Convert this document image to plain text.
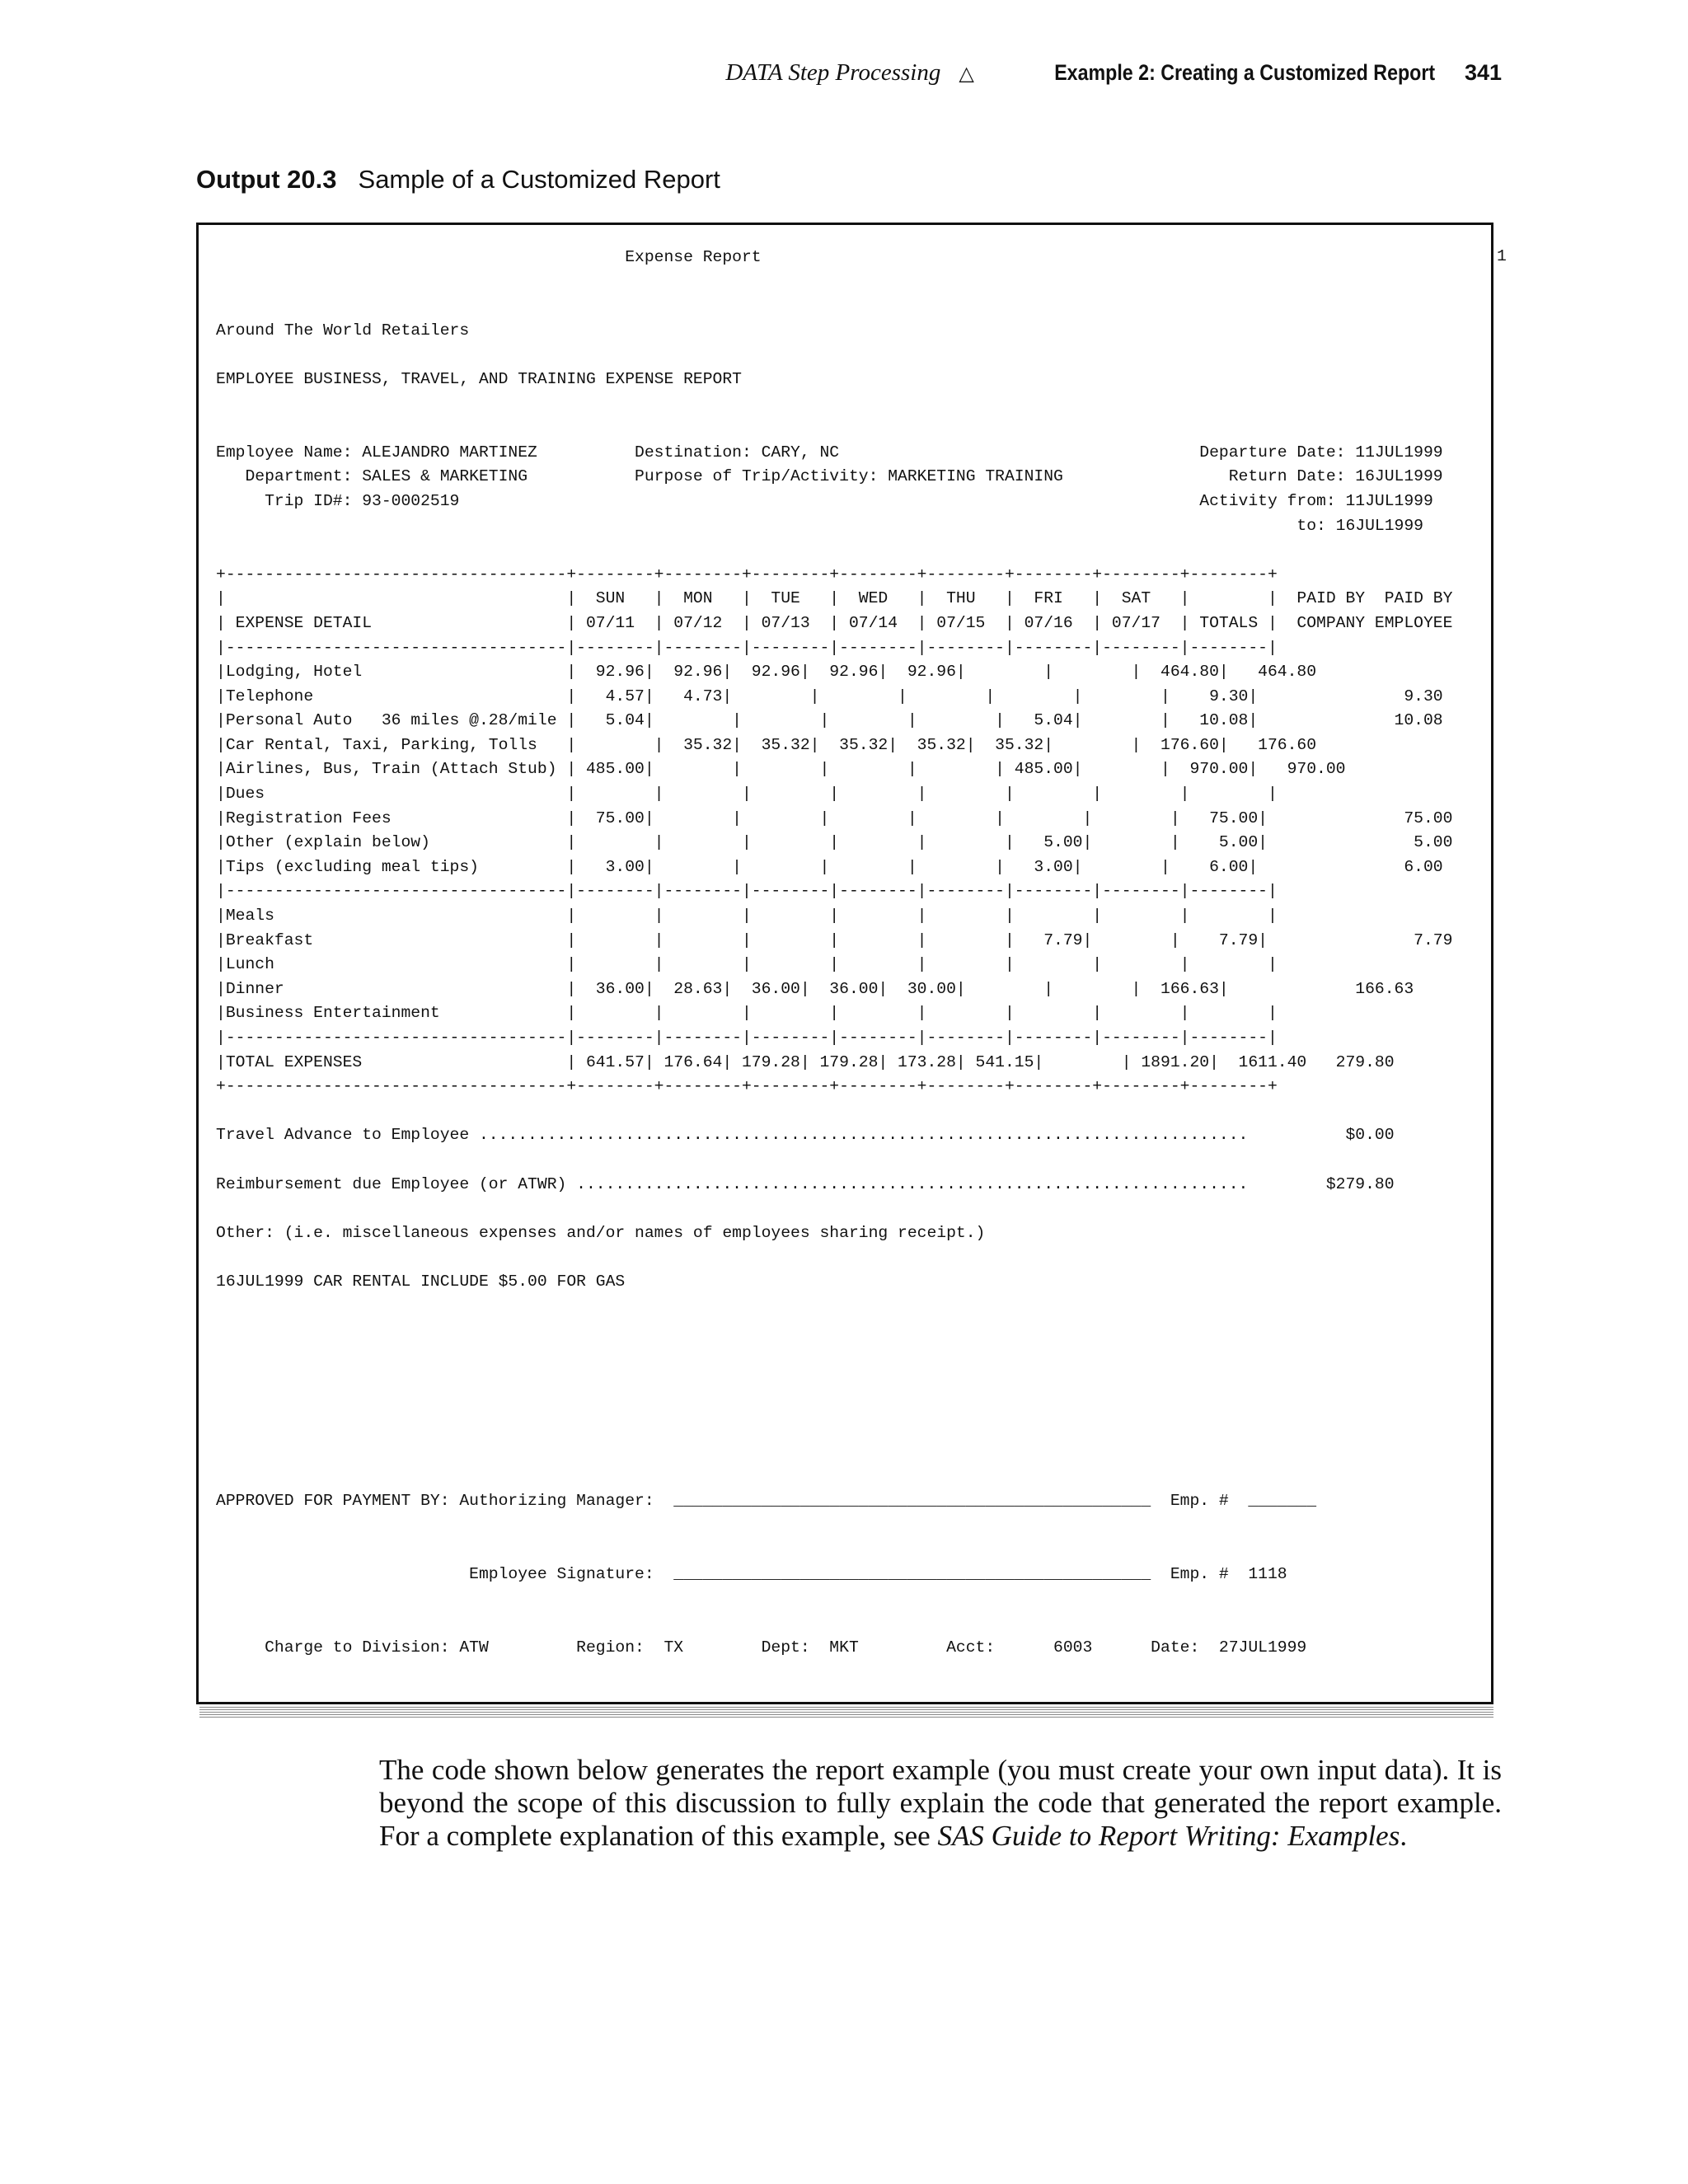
DATA Step Processing △	Example 2: Creating a Customized Report 341
Output 20.3 Sample of a Customized Report
1
Expense Report

Around The World Retailers

EMPLOYEE BUSINESS, TRAVEL, AND TRAINING EXPENSE REPORT

Employee Name: ALEJANDRO MARTINEZ          Destination: CARY, NC                                     Departure Date: 11JUL1999
Department: SALES & MARKETING           Purpose of Trip/Activity: MARKETING TRAINING                 Return Date: 16JUL1999
Trip ID#: 93-0002519                                                                            Activity from: 11JUL1999
to: 16JUL1999

+-----------------------------------+--------+--------+--------+--------+--------+--------+--------+--------+
|                                   |  SUN   |  MON   |  TUE   |  WED   |  THU   |  FRI   |  SAT   |        |  PAID BY  PAID BY
| EXPENSE DETAIL                    | 07/11  | 07/12  | 07/13  | 07/14  | 07/15  | 07/16  | 07/17  | TOTALS |  COMPANY EMPLOYEE
|-----------------------------------|--------|--------|--------|--------|--------|--------|--------|--------|
|Lodging, Hotel                     |  92.96|  92.96|  92.96|  92.96|  92.96|        |        |  464.80|   464.80
|Telephone                          |   4.57|   4.73|        |        |        |        |        |    9.30|               9.30
|Personal Auto   36 miles @.28/mile |   5.04|        |        |        |        |   5.04|        |   10.08|              10.08
|Car Rental, Taxi, Parking, Tolls   |        |  35.32|  35.32|  35.32|  35.32|  35.32|        |  176.60|   176.60
|Airlines, Bus, Train (Attach Stub) | 485.00|        |        |        |        | 485.00|        |  970.00|   970.00
|Dues                               |        |        |        |        |        |        |        |        |
|Registration Fees                  |  75.00|        |        |        |        |        |        |   75.00|              75.00
|Other (explain below)              |        |        |        |        |        |   5.00|        |    5.00|               5.00
|Tips (excluding meal tips)         |   3.00|        |        |        |        |   3.00|        |    6.00|               6.00
|-----------------------------------|--------|--------|--------|--------|--------|--------|--------|--------|
|Meals                              |        |        |        |        |        |        |        |        |
|Breakfast                          |        |        |        |        |        |   7.79|        |    7.79|               7.79
|Lunch                              |        |        |        |        |        |        |        |        |
|Dinner                             |  36.00|  28.63|  36.00|  36.00|  30.00|        |        |  166.63|             166.63
|Business Entertainment             |        |        |        |        |        |        |        |        |
|-----------------------------------|--------|--------|--------|--------|--------|--------|--------|--------|
|TOTAL EXPENSES                     | 641.57| 176.64| 179.28| 179.28| 173.28| 541.15|        | 1891.20|  1611.40   279.80
+-----------------------------------+--------+--------+--------+--------+--------+--------+--------+--------+

Travel Advance to Employee ...............................................................................          $0.00

Reimbursement due Employee (or ATWR) .....................................................................        $279.80

Other: (i.e. miscellaneous expenses and/or names of employees sharing receipt.)

16JUL1999 CAR RENTAL INCLUDE $5.00 FOR GAS

APPROVED FOR PAYMENT BY: Authorizing Manager:  _________________________________________________  Emp. #  _______

Employee Signature:  _________________________________________________  Emp. #  1118

Charge to Division: ATW         Region:  TX        Dept:  MKT         Acct:      6003      Date:  27JUL1999

The code shown below generates the report example (you must create your own input data). It is beyond the scope of this discussion to fully explain the code that generated the report example. For a complete explanation of this example, see SAS Guide to Report Writing: Examples.
